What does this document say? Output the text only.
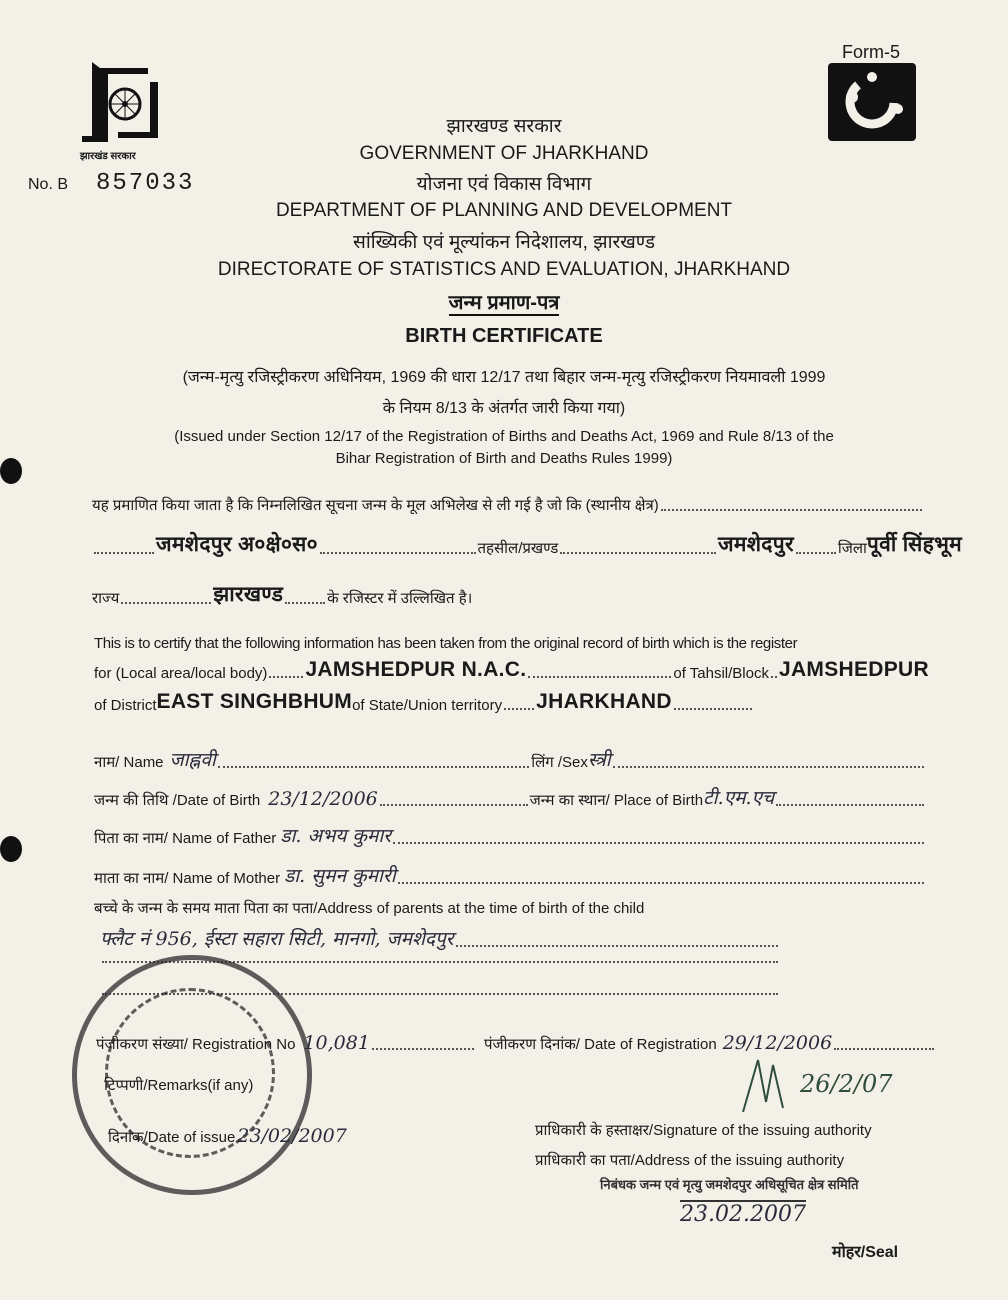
झारखंड सरकार
No. B 857033
Form-5
झारखण्ड सरकार
GOVERNMENT OF JHARKHAND
योजना एवं विकास विभाग
DEPARTMENT OF PLANNING AND DEVELOPMENT
सांख्यिकी एवं मूल्यांकन निदेशालय, झारखण्ड
DIRECTORATE OF STATISTICS AND EVALUATION, JHARKHAND
जन्म प्रमाण-पत्र
BIRTH CERTIFICATE
(जन्म-मृत्यु रजिस्ट्रीकरण अधिनियम, 1969 की धारा 12/17 तथा बिहार जन्म-मृत्यु रजिस्ट्रीकरण नियमावली 1999
के नियम 8/13 के अंतर्गत जारी किया गया)
(Issued under Section 12/17 of the Registration of Births and Deaths Act, 1969 and Rule 8/13 of the
Bihar Registration of Birth and Deaths Rules 1999)
यह प्रमाणित किया जाता है कि निम्नलिखित सूचना जन्म के मूल अभिलेख से ली गई है जो कि (स्थानीय क्षेत्र)
जमशेदपुर अ०क्षे०स०	तहसील/प्रखण्ड	जमशेदपुर	जिला पूर्वी सिंहभूम
राज्य	झारखण्ड	के रजिस्टर में उल्लिखित है।
This is to certify that the following information has been taken from the original record of birth which is the register
for (Local area/local body) JAMSHEDPUR N.A.C.	of Tahsil/Block JAMSHEDPUR
of District EAST SINGHBHUM of State/Union territory JHARKHAND
नाम/ Name जाह्नवी	लिंग /Sex स्त्री
जन्म की तिथि /Date of Birth 23/12/2006	जन्म का स्थान/ Place of Birth टी.एम.एच
पिता का नाम/ Name of Father डा. अभय कुमार
माता का नाम/ Name of Mother डा. सुमन कुमारी
बच्चे के जन्म के समय माता पिता का पता/Address of parents at the time of birth of the child
फ्लैट नं 956, ईस्टा सहारा सिटी, मानगो, जमशेदपुर
पंजीकरण संख्या/ Registration No 10,081	पंजीकरण दिनांक/ Date of Registration 29/12/2006
टिप्पणी/Remarks(if any)
दिनांक/Date of issue 23/02/2007
26/2/07
प्राधिकारी के हस्ताक्षर/Signature of the issuing authority
प्राधिकारी का पता/Address of the issuing authority
निबंधक जन्म एवं मृत्यु जमशेदपुर अधिसूचित क्षेत्र समिति
23.02.2007
मोहर/Seal
